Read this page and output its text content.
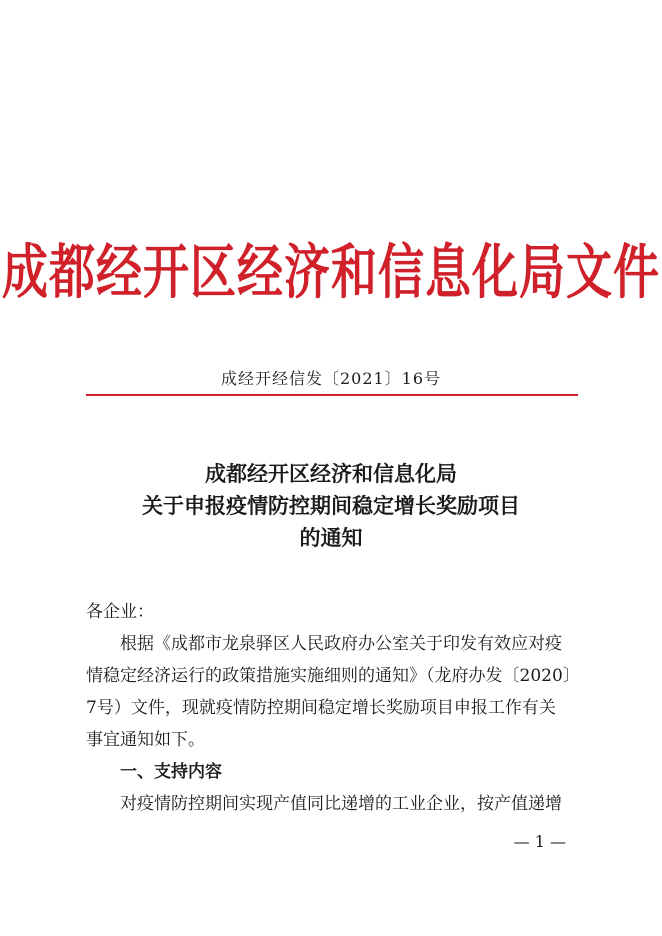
成都经开区经济和信息化局文件
成经开经信发〔2021〕16号
成都经开区经济和信息化局
关于申报疫情防控期间稳定增长奖励项目
的通知
各企业：
根据《成都市龙泉驿区人民政府办公室关于印发有效应对疫
情稳定经济运行的政策措施实施细则的通知》（龙府办发〔2020〕
7号）文件，现就疫情防控期间稳定增长奖励项目申报工作有关
事宜通知如下。
一、支持内容
对疫情防控期间实现产值同比递增的工业企业，按产值递增
— 1 —
